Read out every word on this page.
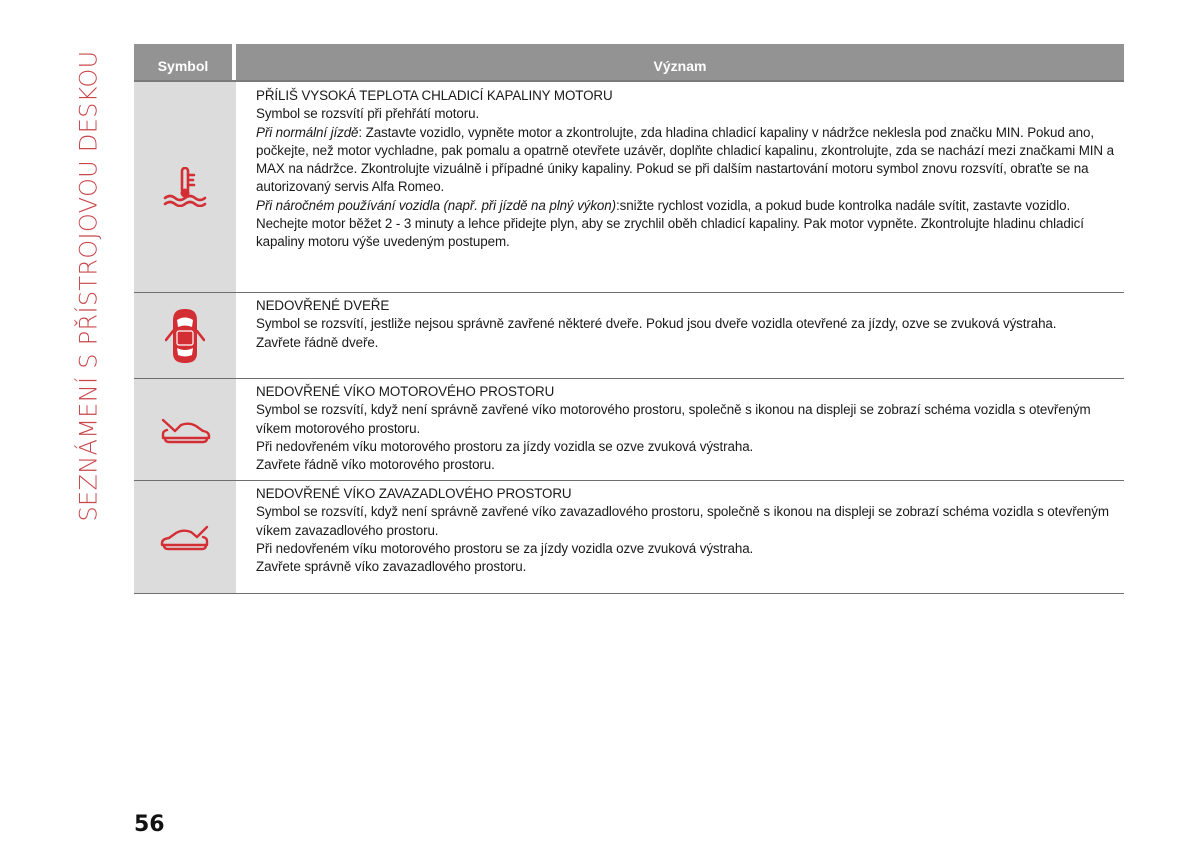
SEZNÁMENÍ S PŘÍSTROJOVOU DESKOU	Symbol	Význam

PŘÍLIŠ VYSOKÁ TEPLOTA CHLADICÍ KAPALINY MOTORU

Symbol se rozsvítí při přehřátí motoru.

Při normální jízdě: Zastavte vozidlo, vypněte motor a zkontrolujte, zda hladina chladicí kapaliny v nádržce neklesla pod značku MIN. Pokud ano, počkejte, než motor vychladne, pak pomalu a opatrně otevřete uzávěr, doplňte chladicí kapalinu, zkontrolujte, zda se nachází mezi značkami MIN a MAX na nádržce. Zkontrolujte vizuálně i případné úniky kapaliny. Pokud se při dalším nastartování motoru symbol znovu rozsvítí, obraťte se na autorizovaný servis Alfa Romeo.

Při náročném používání vozidla (např. při jízdě na plný výkon):snižte rychlost vozidla, a pokud bude kontrolka nadále svítit, zastavte vozidlo. Nechejte motor běžet 2 - 3 minuty a lehce přidejte plyn, aby se zrychlil oběh chladicí kapaliny. Pak motor vypněte. Zkontrolujte hladinu chladicí kapaliny motoru výše uvedeným postupem.

NEDOVŘENÉ DVEŘE

Symbol se rozsvítí, jestliže nejsou správně zavřené některé dveře. Pokud jsou dveře vozidla otevřené za jízdy, ozve se zvuková výstraha.

Zavřete řádně dveře.

NEDOVŘENÉ VÍKO MOTOROVÉHO PROSTORU

Symbol se rozsvítí, když není správně zavřené víko motorového prostoru, společně s ikonou na displeji se zobrazí schéma vozidla s otevřeným víkem motorového prostoru.

Při nedovřeném víku motorového prostoru za jízdy vozidla se ozve zvuková výstraha.

Zavřete řádně víko motorového prostoru.

NEDOVŘENÉ VÍKO ZAVAZADLOVÉHO PROSTORU

Symbol se rozsvítí, když není správně zavřené víko zavazadlového prostoru, společně s ikonou na displeji se zobrazí schéma vozidla s otevřeným víkem zavazadlového prostoru.

Při nedovřeném víku motorového prostoru se za jízdy vozidla ozve zvuková výstraha.

Zavřete správně víko zavazadlového prostoru.

56
